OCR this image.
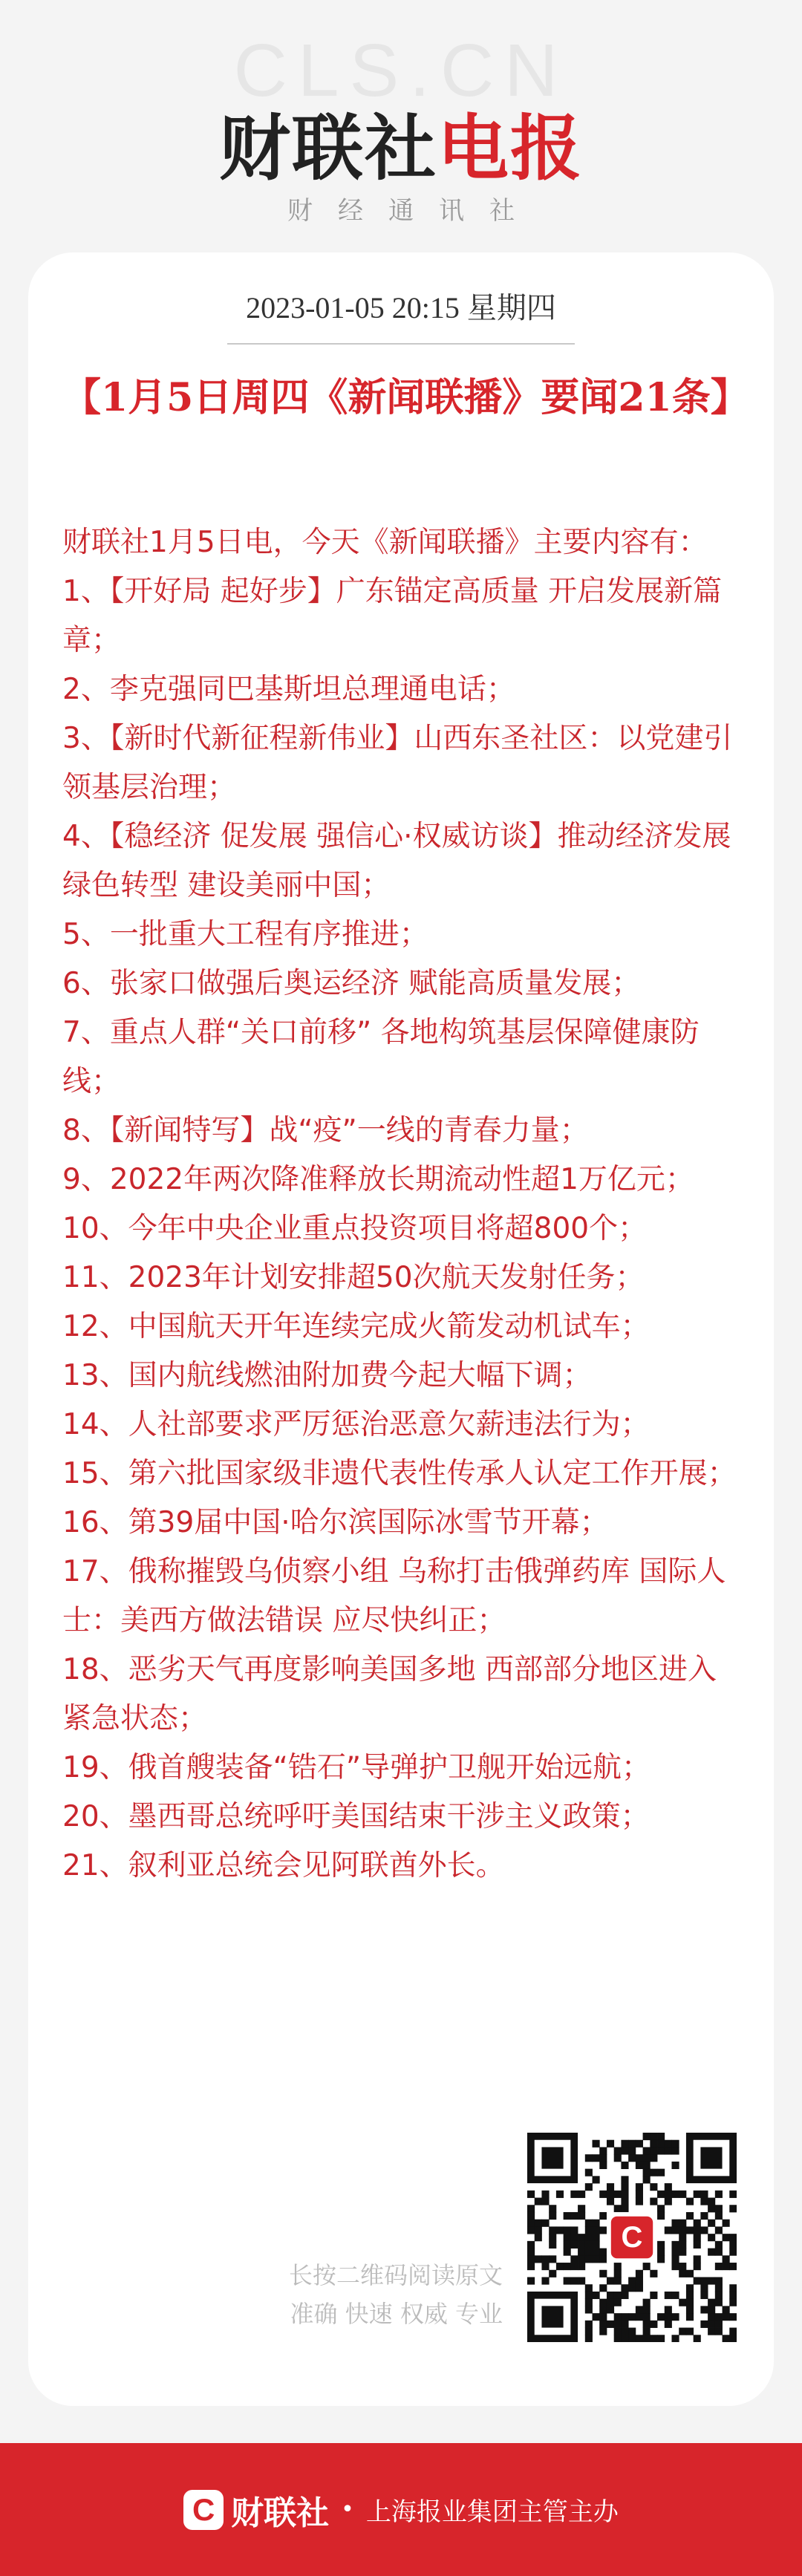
CLS.CN
财联社电报
财经通讯社
2023-01-05 20:15 星期四
【1月5日周四《新闻联播》要闻21条】

财联社1月5日电，今天《新闻联播》主要内容有：

1、【开好局 起好步】广东锚定高质量 开启发展新篇章；

2、李克强同巴基斯坦总理通电话；

3、【新时代新征程新伟业】山西东圣社区：以党建引领基层治理；

4、【稳经济 促发展 强信心·权威访谈】推动经济发展绿色转型 建设美丽中国；

5、一批重大工程有序推进；

6、张家口做强后奥运经济 赋能高质量发展；

7、重点人群“关口前移” 各地构筑基层保障健康防线；

8、【新闻特写】战“疫”一线的青春力量；

9、2022年两次降准释放长期流动性超1万亿元；

10、今年中央企业重点投资项目将超800个；

11、2023年计划安排超50次航天发射任务；

12、中国航天开年连续完成火箭发动机试车；

13、国内航线燃油附加费今起大幅下调；

14、人社部要求严厉惩治恶意欠薪违法行为；

15、第六批国家级非遗代表性传承人认定工作开展；

16、第39届中国·哈尔滨国际冰雪节开幕；

17、俄称摧毁乌侦察小组 乌称打击俄弹药库 国际人士：美西方做法错误 应尽快纠正；

18、恶劣天气再度影响美国多地 西部部分地区进入紧急状态；

19、俄首艘装备“锆石”导弹护卫舰开始远航；

20、墨西哥总统呼吁美国结束干涉主义政策；

21、叙利亚总统会见阿联酋外长。

C
长按二维码阅读原文
准确 快速 权威 专业
C 财联社 • 上海报业集团主管主办
